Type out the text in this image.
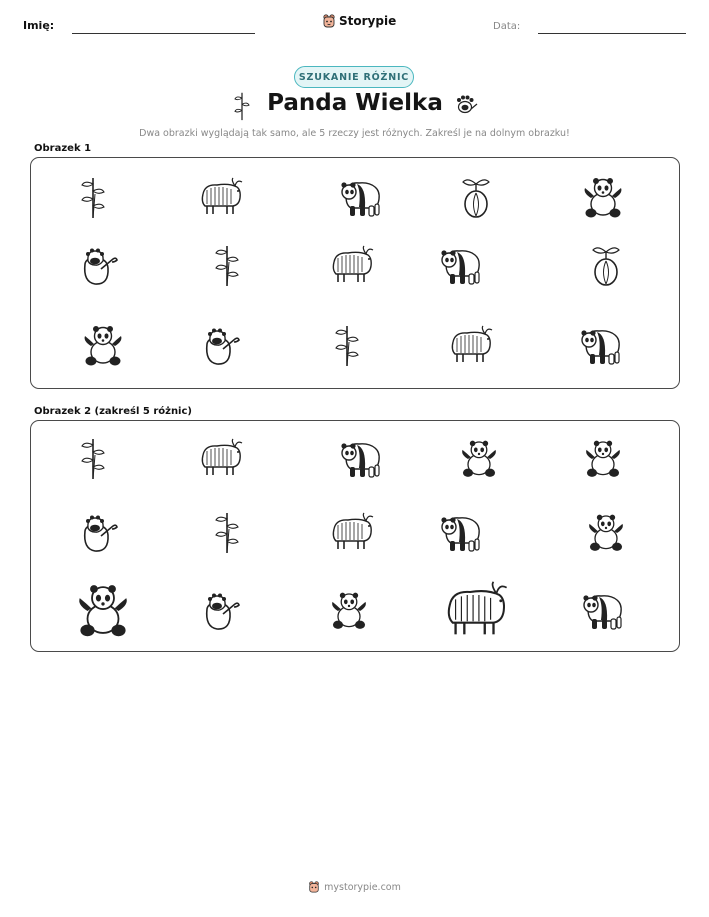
Imię:	Storypie	Data:
SZUKANIE RÓŻNIC
Panda Wielka
Dwa obrazki wyglądają tak samo, ale 5 rzeczy jest różnych. Zakreśl je na dolnym obrazku!
Obrazek 1
Obrazek 2 (zakreśl 5 różnic)
mystorypie.com
